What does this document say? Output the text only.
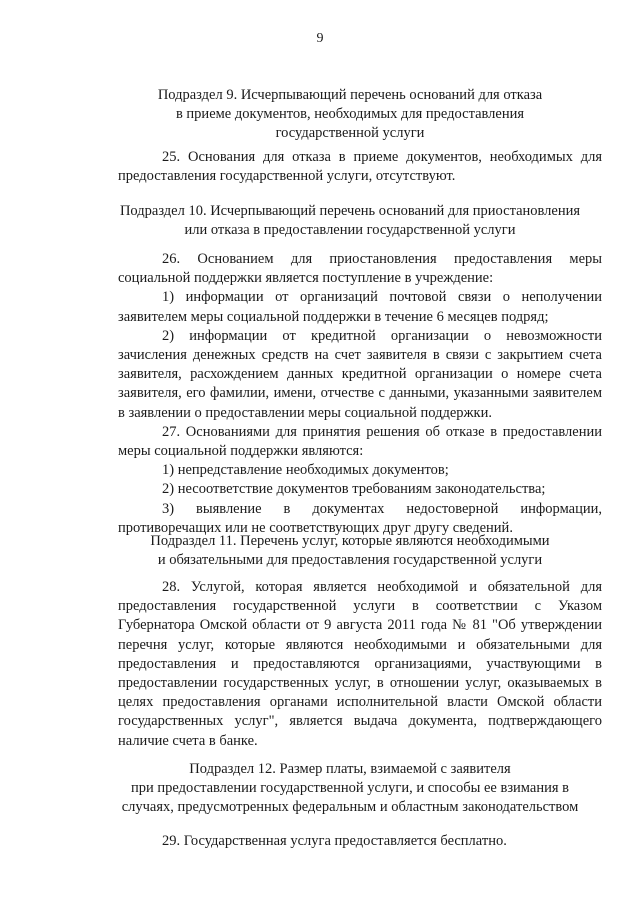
9
Подраздел 9. Исчерпывающий перечень оснований для отказа
в приеме документов, необходимых для предоставления
государственной услуги

25. Основания для отказа в приеме документов, необходимых для предоставления государственной услуги, отсутствуют.

Подраздел 10. Исчерпывающий перечень оснований для приостановления
или отказа в предоставлении государственной услуги

26. Основанием для приостановления предоставления меры социальной поддержки является поступление в учреждение:

1) информации от организаций почтовой связи о неполучении заявителем меры социальной поддержки в течение 6 месяцев подряд;

2) информации от кредитной организации о невозможности зачисления денежных средств на счет заявителя в связи с закрытием счета заявителя, расхождением данных кредитной организации о номере счета заявителя, его фамилии, имени, отчестве с данными, указанными заявителем в заявлении о предоставлении меры социальной поддержки.

27. Основаниями для принятия решения об отказе в предоставлении меры социальной поддержки являются:

1) непредставление необходимых документов;

2) несоответствие документов требованиям законодательства;

3) выявление в документах недостоверной информации, противоречащих или не соответствующих друг другу сведений.

Подраздел 11. Перечень услуг, которые являются необходимыми
и обязательными для предоставления государственной услуги

28. Услугой, которая является необходимой и обязательной для предоставления государственной услуги в соответствии с Указом Губернатора Омской области от 9 августа 2011 года № 81 "Об утверждении перечня услуг, которые являются необходимыми и обязательными для предоставления и предоставляются организациями, участвующими в предоставлении государственных услуг, в отношении услуг, оказываемых в целях предоставления органами исполнительной власти Омской области государственных услуг", является выдача документа, подтверждающего наличие счета в банке.

Подраздел 12. Размер платы, взимаемой с заявителя
при предоставлении государственной услуги, и способы ее взимания в
случаях, предусмотренных федеральным и областным законодательством

29. Государственная услуга предоставляется бесплатно.
